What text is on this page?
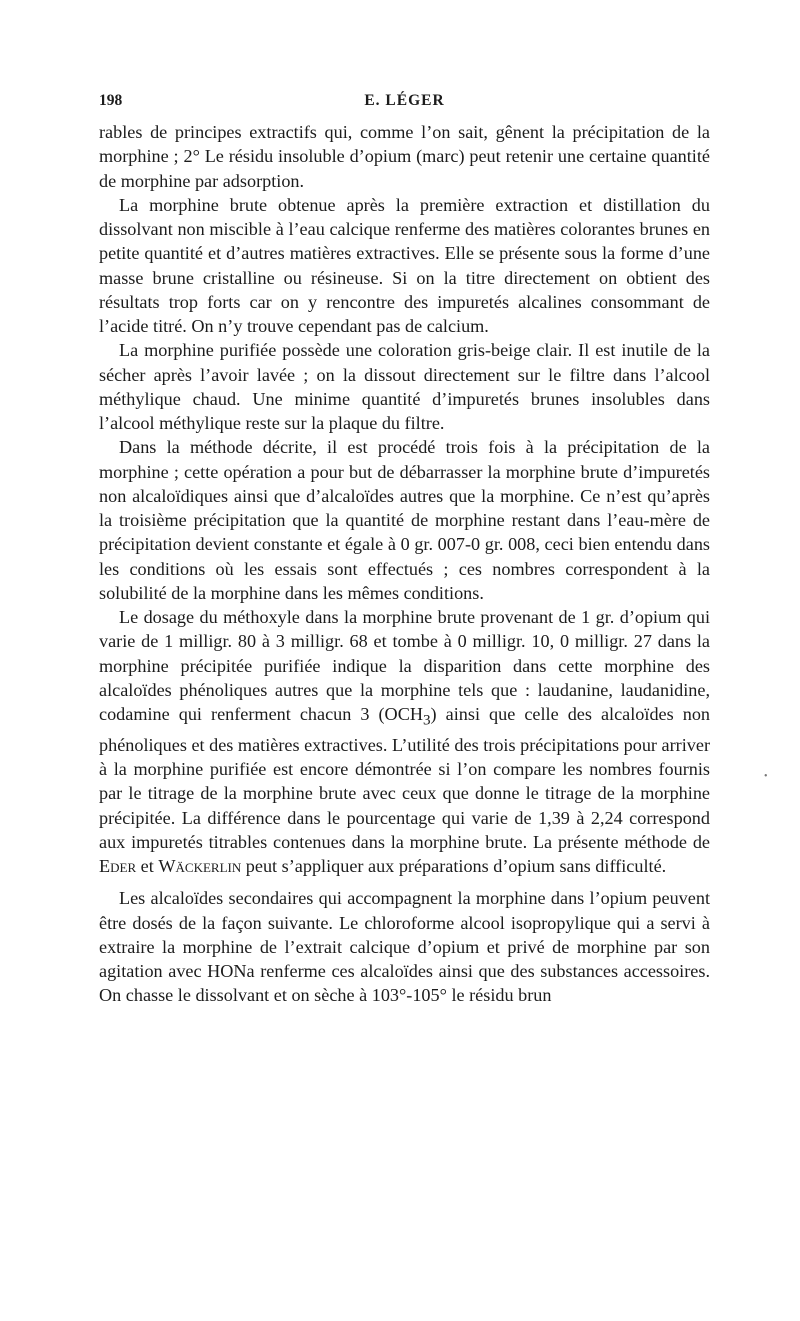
198	E. LÉGER

rables de principes extractifs qui, comme l’on sait, gênent la précipitation de la morphine ; 2° Le résidu insoluble d’opium (marc) peut retenir une certaine quantité de morphine par adsorption.

La morphine brute obtenue après la première extraction et distillation du dissolvant non miscible à l’eau calcique renferme des matières colorantes brunes en petite quantité et d’autres matières extractives. Elle se présente sous la forme d’une masse brune cristalline ou résineuse. Si on la titre directement on obtient des résultats trop forts car on y rencontre des impuretés alcalines consommant de l’acide titré. On n’y trouve cependant pas de calcium.

La morphine purifiée possède une coloration gris-beige clair. Il est inutile de la sécher après l’avoir lavée ; on la dissout directement sur le filtre dans l’alcool méthylique chaud. Une minime quantité d’impuretés brunes insolubles dans l’alcool méthylique reste sur la plaque du filtre.

Dans la méthode décrite, il est procédé trois fois à la précipitation de la morphine ; cette opération a pour but de débarrasser la morphine brute d’impuretés non alcaloïdiques ainsi que d’alcaloïdes autres que la morphine. Ce n’est qu’après la troisième précipitation que la quantité de morphine restant dans l’eau-mère de précipitation devient constante et égale à 0 gr. 007-0 gr. 008, ceci bien entendu dans les conditions où les essais sont effectués ; ces nombres correspondent à la solubilité de la morphine dans les mêmes conditions.

Le dosage du méthoxyle dans la morphine brute provenant de 1 gr. d’opium qui varie de 1 milligr. 80 à 3 milligr. 68 et tombe à 0 milligr. 10, 0 milligr. 27 dans la morphine précipitée purifiée indique la disparition dans cette morphine des alcaloïdes phénoliques autres que la morphine tels que : laudanine, laudanidine, codamine qui renferment chacun 3 $(OCH_3)$ ainsi que celle des alcaloïdes non phénoliques et des matières extractives. L’utilité des trois précipitations pour arriver à la morphine purifiée est encore démontrée si l’on compare les nombres fournis par le titrage de la morphine brute avec ceux que donne le titrage de la morphine précipitée. La différence dans le pourcentage qui varie de 1,39 à 2,24 correspond aux impuretés titrables contenues dans la morphine brute. La présente méthode de Eder et Wäckerlin peut s’appliquer aux préparations d’opium sans difficulté.

Les alcaloïdes secondaires qui accompagnent la morphine dans l’opium peuvent être dosés de la façon suivante. Le chloroforme alcool isopropylique qui a servi à extraire la morphine de l’extrait calcique d’opium et privé de morphine par son agitation avec HONa renferme ces alcaloïdes ainsi que des substances accessoires. On chasse le dissolvant et on sèche à 103°-105° le résidu brun

•
